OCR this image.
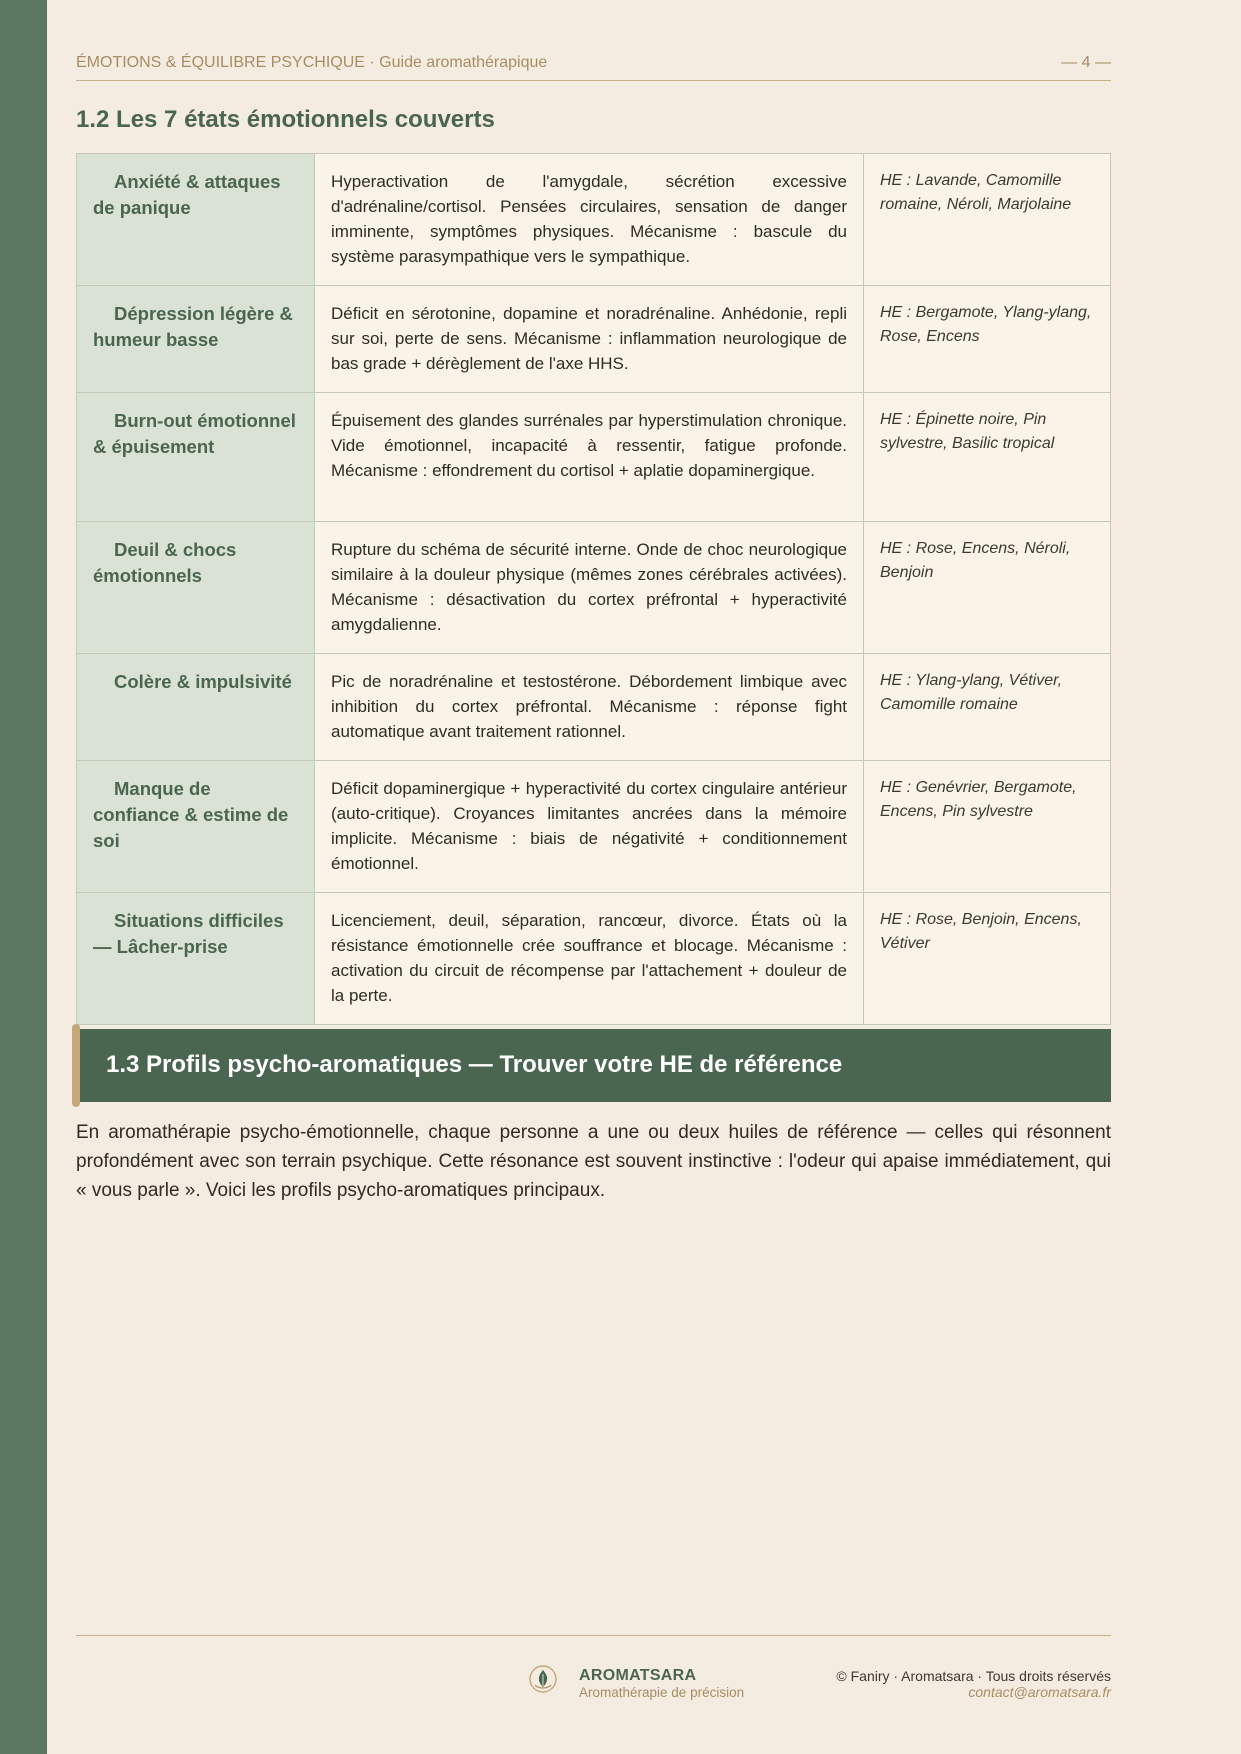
ÉMOTIONS & ÉQUILIBRE PSYCHIQUE · Guide aromathérapique	— 4 —
1.2 Les 7 états émotionnels couverts
Anxiété & attaques de panique	Hyperactivation de l'amygdale, sécrétion excessive d'adrénaline/cortisol. Pensées circulaires, sensation de danger imminente, symptômes physiques. Mécanisme : bascule du système parasympathique vers le sympathique.	HE : Lavande, Camomille romaine, Néroli, Marjolaine
Dépression légère & humeur basse	Déficit en sérotonine, dopamine et noradrénaline. Anhédonie, repli sur soi, perte de sens. Mécanisme : inflammation neurologique de bas grade + dérèglement de l'axe HHS.	HE : Bergamote, Ylang-ylang, Rose, Encens
Burn-out émotionnel & épuisement	Épuisement des glandes surrénales par hyperstimulation chronique. Vide émotionnel, incapacité à ressentir, fatigue profonde. Mécanisme : effondrement du cortisol + aplatie dopaminergique.	HE : Épinette noire, Pin sylvestre, Basilic tropical
Deuil & chocs émotionnels	Rupture du schéma de sécurité interne. Onde de choc neurologique similaire à la douleur physique (mêmes zones cérébrales activées). Mécanisme : désactivation du cortex préfrontal + hyperactivité amygdalienne.	HE : Rose, Encens, Néroli, Benjoin
Colère & impulsivité	Pic de noradrénaline et testostérone. Débordement limbique avec inhibition du cortex préfrontal. Mécanisme : réponse fight automatique avant traitement rationnel.	HE : Ylang-ylang, Vétiver, Camomille romaine
Manque de confiance & estime de soi	Déficit dopaminergique + hyperactivité du cortex cingulaire antérieur (auto-critique). Croyances limitantes ancrées dans la mémoire implicite. Mécanisme : biais de négativité + conditionnement émotionnel.	HE : Genévrier, Bergamote, Encens, Pin sylvestre
Situations difficiles — Lâcher-prise	Licenciement, deuil, séparation, rancœur, divorce. États où la résistance émotionnelle crée souffrance et blocage. Mécanisme : activation du circuit de récompense par l'attachement + douleur de la perte.	HE : Rose, Benjoin, Encens, Vétiver
1.3 Profils psycho-aromatiques — Trouver votre HE de référence

En aromathérapie psycho-émotionnelle, chaque personne a une ou deux huiles de référence — celles qui résonnent profondément avec son terrain psychique. Cette résonance est souvent instinctive : l'odeur qui apaise immédiatement, qui « vous parle ». Voici les profils psycho-aromatiques principaux.

AROMATSARA
Aromathérapie de précision
© Faniry · Aromatsara · Tous droits réservés
contact@aromatsara.fr
